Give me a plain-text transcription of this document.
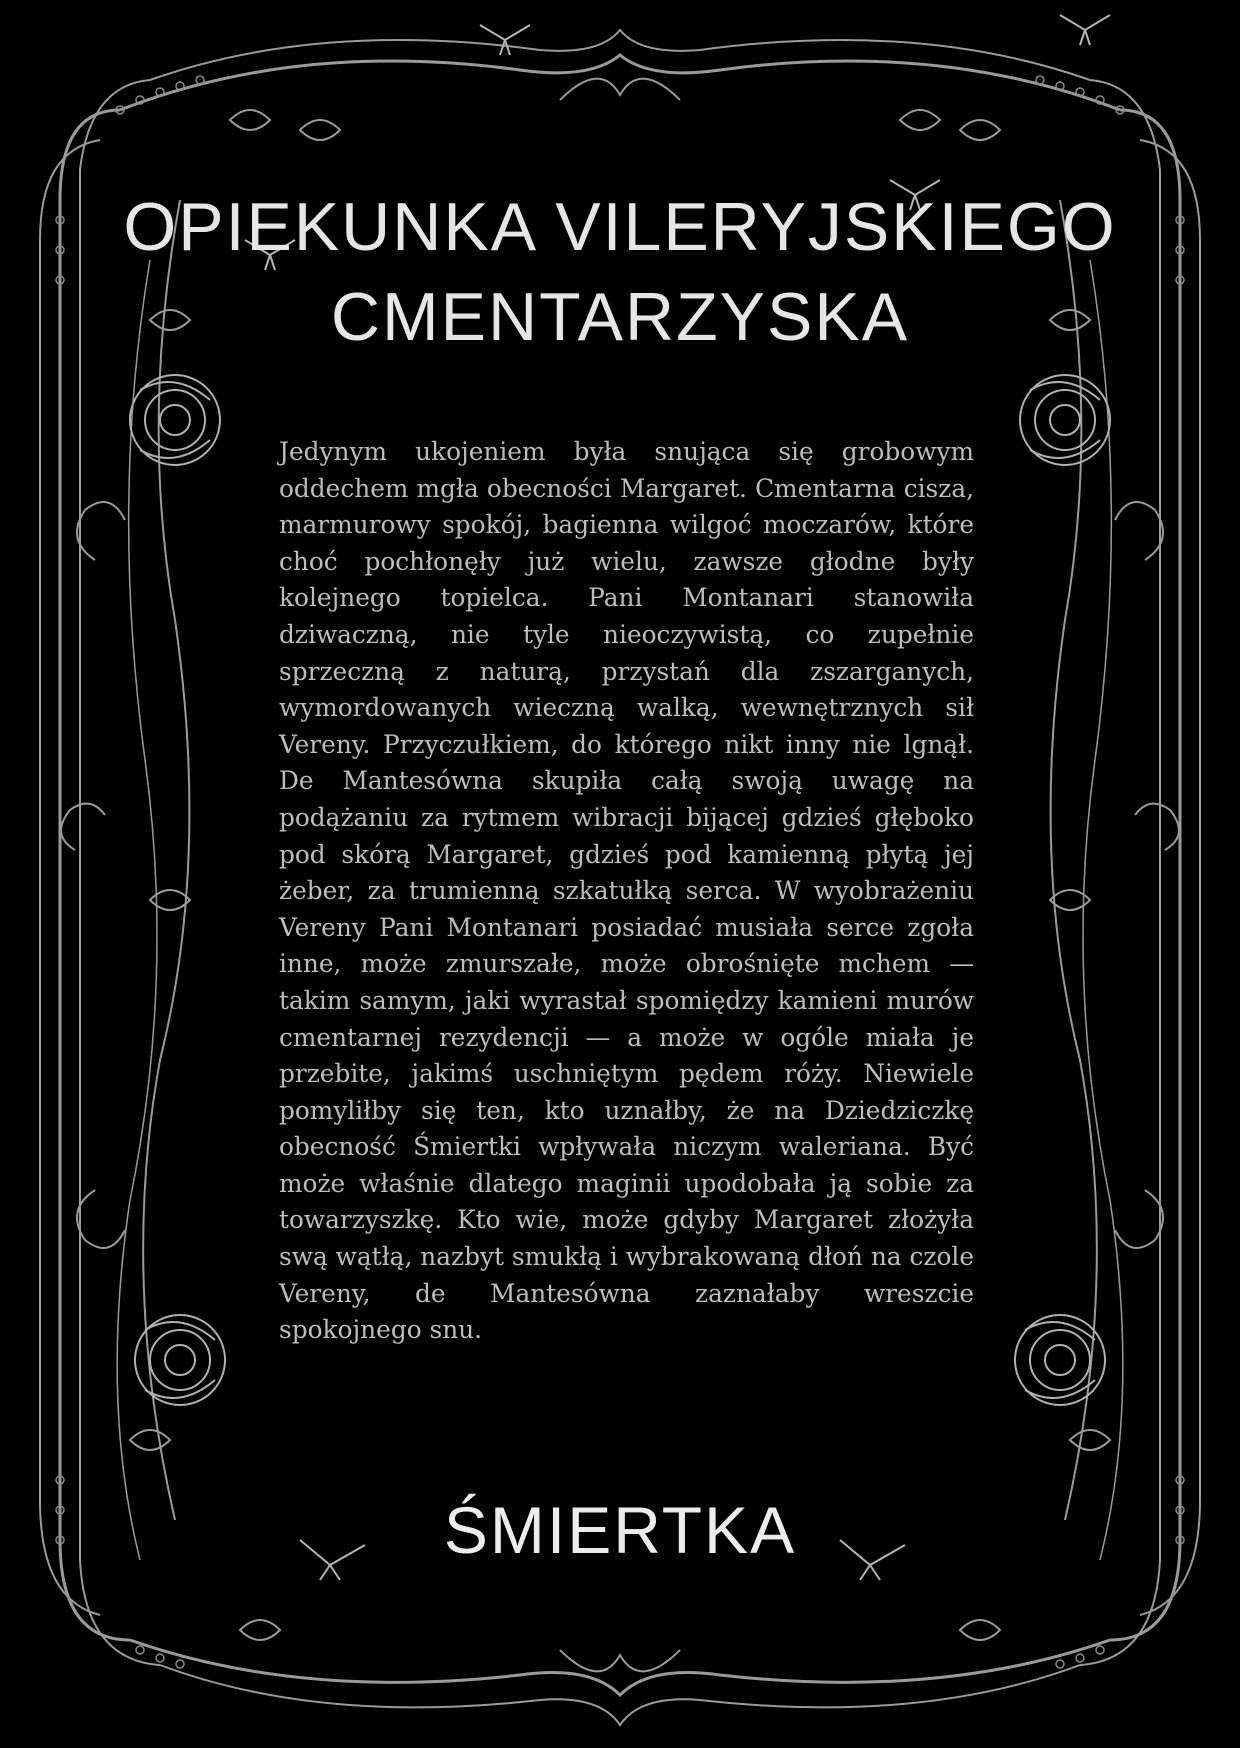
OPIEKUNKA VILERYJSKIEGO
CMENTARZYSKA
Jedynym ukojeniem była snująca się grobowym oddechem mgła obecności Margaret. Cmentarna cisza, marmurowy spokój, bagienna wilgoć moczarów, które choć pochłonęły już wielu, zawsze głodne były kolejnego topielca. Pani Montanari stanowiła dziwaczną, nie tyle nieoczywistą, co zupełnie sprzeczną z naturą, przystań dla zszarganych, wymordowanych wieczną walką, wewnętrznych sił Vereny. Przyczułkiem, do którego nikt inny nie lgnął. De Mantesówna skupiła całą swoją uwagę na podążaniu za rytmem wibracji bijącej gdzieś głęboko pod skórą Margaret, gdzieś pod kamienną płytą jej żeber, za trumienną szkatułką serca. W wyobrażeniu Vereny Pani Montanari posiadać musiała serce zgoła inne, może zmurszałe, może obrośnięte mchem — takim samym, jaki wyrastał spomiędzy kamieni murów cmentarnej rezydencji — a może w ogóle miała je przebite, jakimś uschniętym pędem róży. Niewiele pomyliłby się ten, kto uznałby, że na Dziedziczkę obecność Śmiertki wpływała niczym waleriana. Być może właśnie dlatego maginii upodobała ją sobie za towarzyszkę. Kto wie, może gdyby Margaret złożyła swą wątłą, nazbyt smukłą i wybrakowaną dłoń na czole Vereny, de Mantesówna zaznałaby wreszcie spokojnego snu.
ŚMIERTKA
